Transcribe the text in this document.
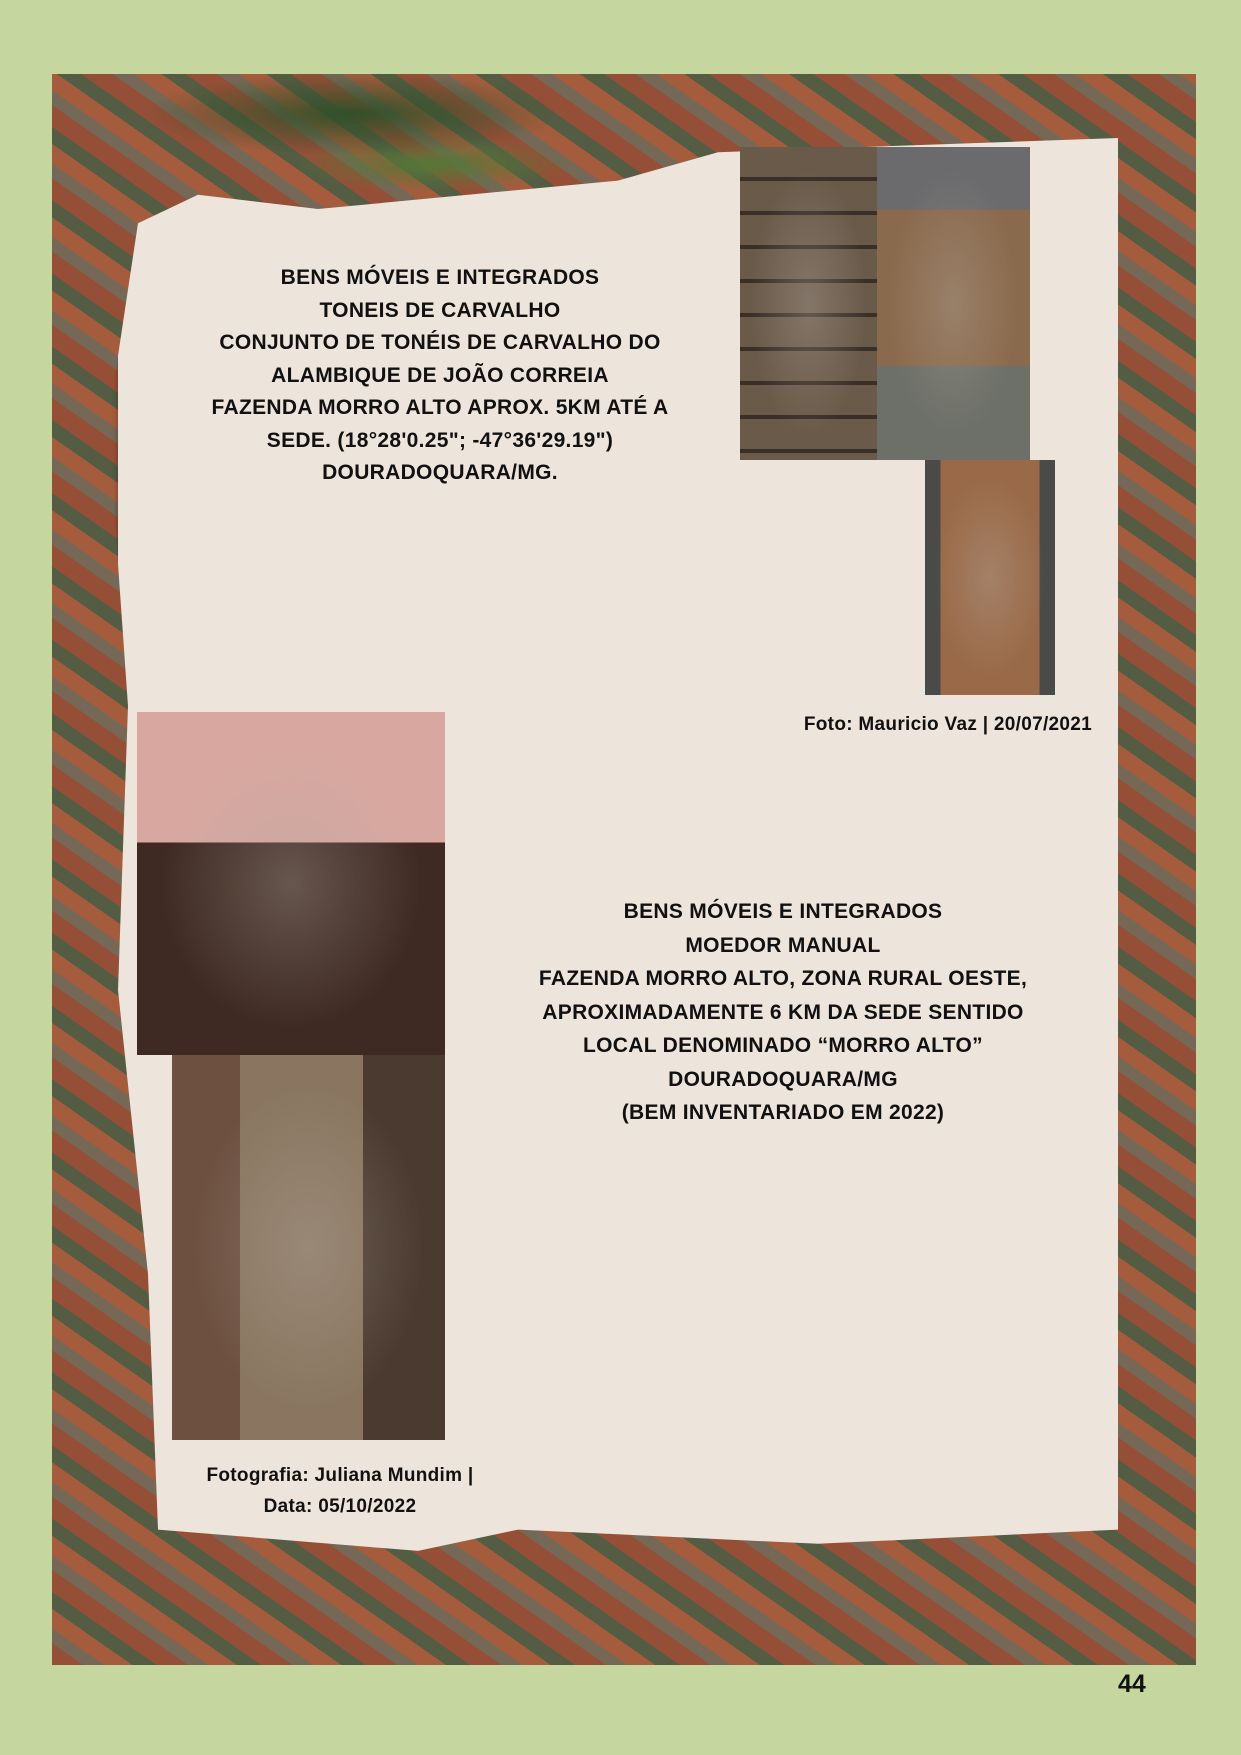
BENS MÓVEIS E INTEGRADOS
TONEIS DE CARVALHO
CONJUNTO DE TONÉIS DE CARVALHO DO
ALAMBIQUE DE JOÃO CORREIA
FAZENDA MORRO ALTO APROX. 5KM ATÉ A
SEDE. (18°28'0.25"; -47°36'29.19")
DOURADOQUARA/MG.
Foto: Mauricio Vaz | 20/07/2021
BENS MÓVEIS E INTEGRADOS
MOEDOR MANUAL
FAZENDA MORRO ALTO, ZONA RURAL OESTE,
APROXIMADAMENTE 6 KM DA SEDE SENTIDO
LOCAL DENOMINADO “MORRO ALTO”
DOURADOQUARA/MG
(BEM INVENTARIADO EM 2022)
Fotografia: Juliana Mundim |
Data: 05/10/2022
44
